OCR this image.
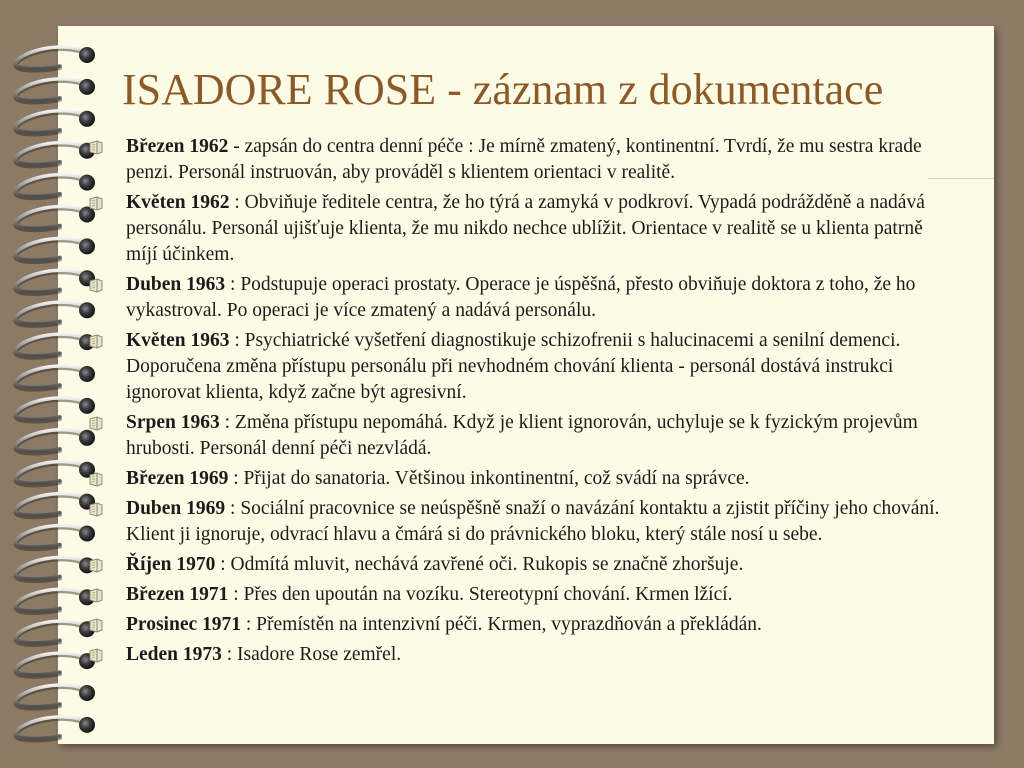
ISADORE ROSE - záznam z dokumentace
Březen 1962 - zapsán do centra denní péče : Je mírně zmatený, kontinentní. Tvrdí, že mu sestra krade penzi. Personál instruován, aby prováděl s klientem orientaci v realitě.
Květen 1962 : Obviňuje ředitele centra, že ho týrá a zamyká v podkroví. Vypadá podrážděně a nadává personálu. Personál ujišťuje klienta, že mu nikdo nechce ublížit. Orientace v realitě se u klienta patrně míjí účinkem.
Duben 1963 : Podstupuje operaci prostaty. Operace je úspěšná, přesto obviňuje doktora z toho, že ho vykastroval. Po operaci je více zmatený a nadává personálu.
Květen 1963 : Psychiatrické vyšetření diagnostikuje schizofrenii s halucinacemi a senilní demenci. Doporučena změna přístupu personálu při nevhodném chování klienta - personál dostává instrukci ignorovat klienta, když začne být agresivní.
Srpen 1963 : Změna přístupu nepomáhá. Když je klient ignorován, uchyluje se k fyzickým projevům hrubosti. Personál denní péči nezvládá.
Březen 1969 : Přijat do sanatoria. Většinou inkontinentní, což svádí na správce.
Duben 1969 : Sociální pracovnice se neúspěšně snaží o navázání kontaktu a zjistit příčiny jeho chování. Klient ji ignoruje, odvrací hlavu a čmárá si do právnického bloku, který stále nosí u sebe.
Říjen 1970 : Odmítá mluvit, nechává zavřené oči. Rukopis se značně zhoršuje.
Březen 1971 : Přes den upoután na vozíku. Stereotypní chování. Krmen lžící.
Prosinec 1971 : Přemístěn na intenzivní péči. Krmen, vyprazdňován a překládán.
Leden 1973 : Isadore Rose zemřel.
